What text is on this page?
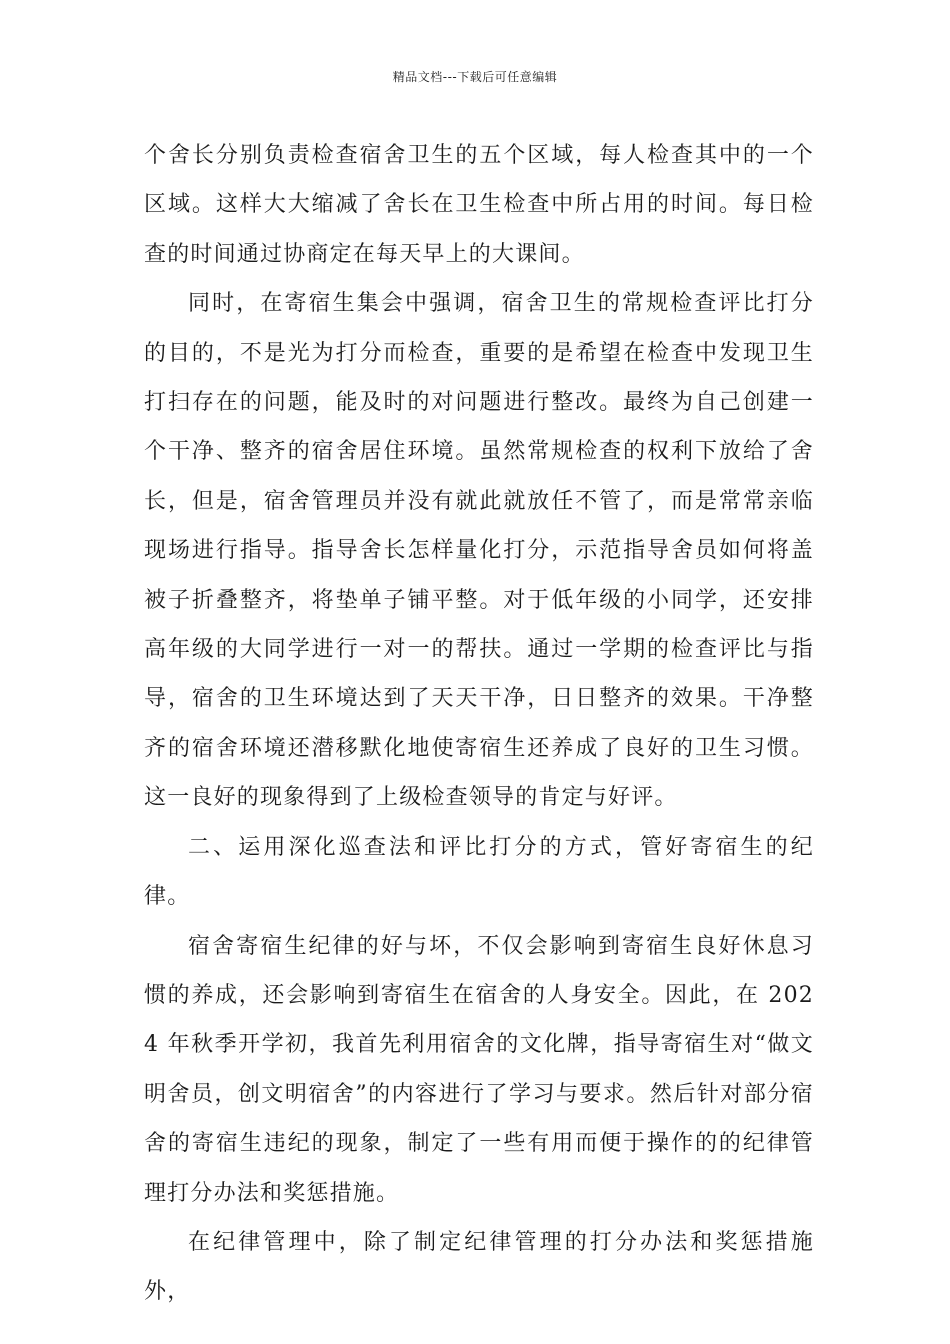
精品文档---下载后可任意编辑

个舍长分别负责检查宿舍卫生的五个区域，每人检查其中的一个区域。这样大大缩减了舍长在卫生检查中所占用的时间。每日检查的时间通过协商定在每天早上的大课间。

同时，在寄宿生集会中强调，宿舍卫生的常规检查评比打分的目的，不是光为打分而检查，重要的是希望在检查中发现卫生打扫存在的问题，能及时的对问题进行整改。最终为自己创建一个干净、整齐的宿舍居住环境。虽然常规检查的权利下放给了舍长，但是，宿舍管理员并没有就此就放任不管了，而是常常亲临现场进行指导。指导舍长怎样量化打分，示范指导舍员如何将盖被子折叠整齐，将垫单子铺平整。对于低年级的小同学，还安排高年级的大同学进行一对一的帮扶。通过一学期的检查评比与指导，宿舍的卫生环境达到了天天干净，日日整齐的效果。干净整齐的宿舍环境还潜移默化地使寄宿生还养成了良好的卫生习惯。这一良好的现象得到了上级检查领导的肯定与好评。

二、运用深化巡查法和评比打分的方式，管好寄宿生的纪律。

宿舍寄宿生纪律的好与坏，不仅会影响到寄宿生良好休息习惯的养成，还会影响到寄宿生在宿舍的人身安全。因此，在 2024 年秋季开学初，我首先利用宿舍的文化牌，指导寄宿生对“做文明舍员，创文明宿舍”的内容进行了学习与要求。然后针对部分宿舍的寄宿生违纪的现象，制定了一些有用而便于操作的的纪律管理打分办法和奖惩措施。

在纪律管理中，除了制定纪律管理的打分办法和奖惩措施外，
